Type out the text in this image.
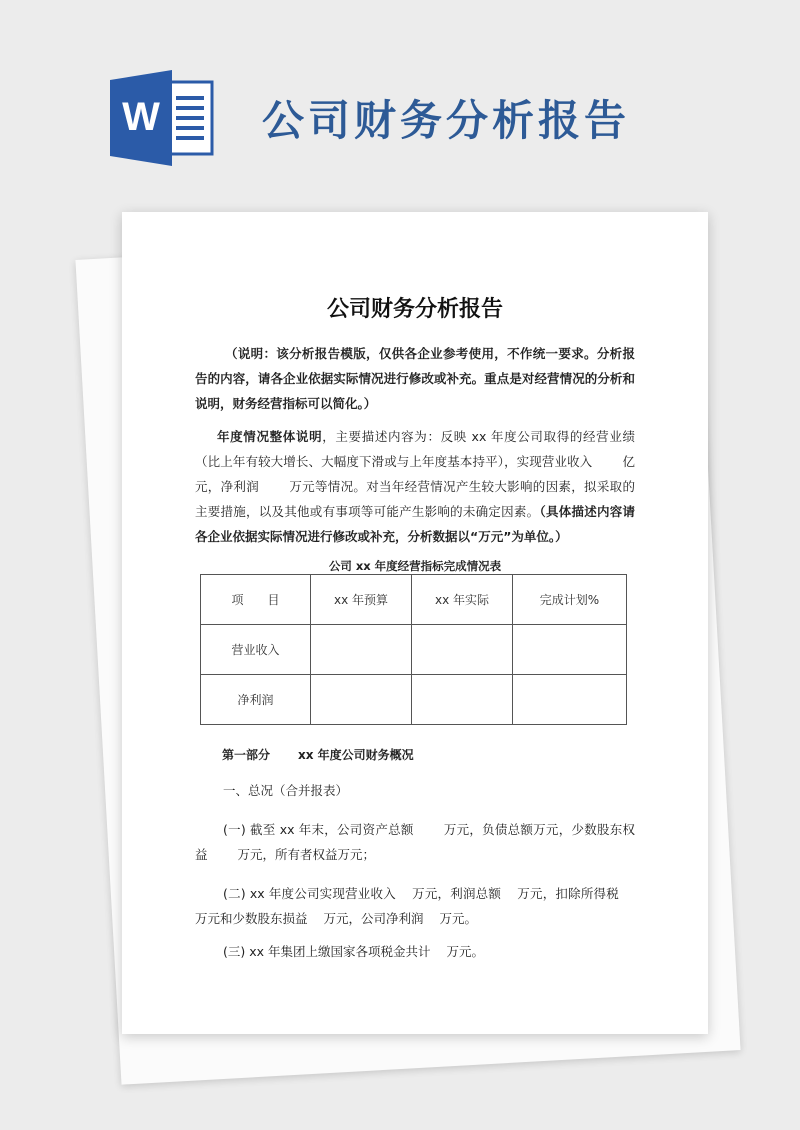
W 公司财务分析报告
公司财务分析报告

（说明：该分析报告模版，仅供各企业参考使用，不作统一要求。分析报告的内容，请各企业依据实际情况进行修改或补充。重点是对经营情况的分析和说明，财务经营指标可以简化。）

年度情况整体说明，主要描述内容为：反映 xx 年度公司取得的经营业绩（比上年有较大增长、大幅度下滑或与上年度基本持平），实现营业收入 亿元，净利润 万元等情况。对当年经营情况产生较大影响的因素，拟采取的主要措施，以及其他或有事项等可能产生影响的未确定因素。（具体描述内容请各企业依据实际情况进行修改或补充，分析数据以“万元”为单位。）

公司 xx 年度经营指标完成情况表
项　　目	xx 年预算	xx 年实际	完成计划%
营业收入			
净利润			
第一部分 xx 年度公司财务概况

一、总况（合并报表）

(一) 截至 xx 年末，公司资产总额 万元，负债总额万元，少数股东权益 万元，所有者权益万元；

(二) xx 年度公司实现营业收入 万元，利润总额 万元，扣除所得税万元和少数股东损益 万元，公司净利润 万元。

(三) xx 年集团上缴国家各项税金共计 万元。
